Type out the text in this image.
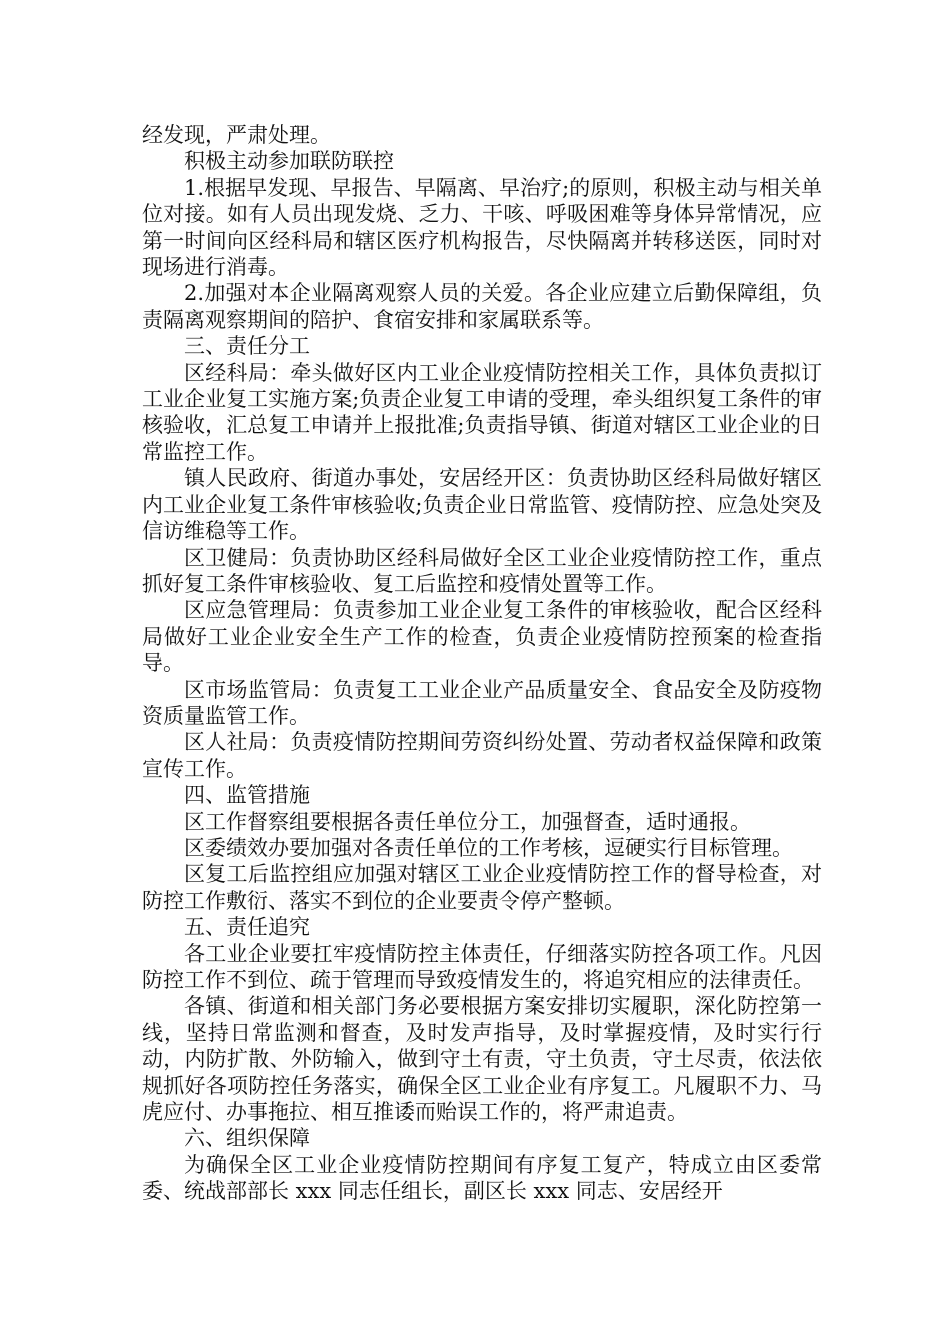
经发现，严肃处理。

积极主动参加联防联控

1.根据早发现、早报告、早隔离、早治疗;的原则，积极主动与相关单位对接。如有人员出现发烧、乏力、干咳、呼吸困难等身体异常情况，应第一时间向区经科局和辖区医疗机构报告，尽快隔离并转移送医，同时对现场进行消毒。

2.加强对本企业隔离观察人员的关爱。各企业应建立后勤保障组，负责隔离观察期间的陪护、食宿安排和家属联系等。

三、责任分工

区经科局：牵头做好区内工业企业疫情防控相关工作，具体负责拟订工业企业复工实施方案;负责企业复工申请的受理，牵头组织复工条件的审核验收，汇总复工申请并上报批准;负责指导镇、街道对辖区工业企业的日常监控工作。

镇人民政府、街道办事处，安居经开区：负责协助区经科局做好辖区内工业企业复工条件审核验收;负责企业日常监管、疫情防控、应急处突及信访维稳等工作。

区卫健局：负责协助区经科局做好全区工业企业疫情防控工作，重点抓好复工条件审核验收、复工后监控和疫情处置等工作。

区应急管理局：负责参加工业企业复工条件的审核验收，配合区经科局做好工业企业安全生产工作的检查，负责企业疫情防控预案的检查指导。

区市场监管局：负责复工工业企业产品质量安全、食品安全及防疫物资质量监管工作。

区人社局：负责疫情防控期间劳资纠纷处置、劳动者权益保障和政策宣传工作。

四、监管措施

区工作督察组要根据各责任单位分工，加强督查，适时通报。

区委绩效办要加强对各责任单位的工作考核，逗硬实行目标管理。

区复工后监控组应加强对辖区工业企业疫情防控工作的督导检查，对防控工作敷衍、落实不到位的企业要责令停产整顿。

五、责任追究

各工业企业要扛牢疫情防控主体责任，仔细落实防控各项工作。凡因防控工作不到位、疏于管理而导致疫情发生的，将追究相应的法律责任。

各镇、街道和相关部门务必要根据方案安排切实履职，深化防控第一线，坚持日常监测和督查，及时发声指导，及时掌握疫情，及时实行行动，内防扩散、外防输入，做到守土有责，守土负责，守土尽责，依法依规抓好各项防控任务落实，确保全区工业企业有序复工。凡履职不力、马虎应付、办事拖拉、相互推诿而贻误工作的，将严肃追责。

六、组织保障

为确保全区工业企业疫情防控期间有序复工复产，特成立由区委常委、统战部部长 xxx 同志任组长，副区长 xxx 同志、安居经开
